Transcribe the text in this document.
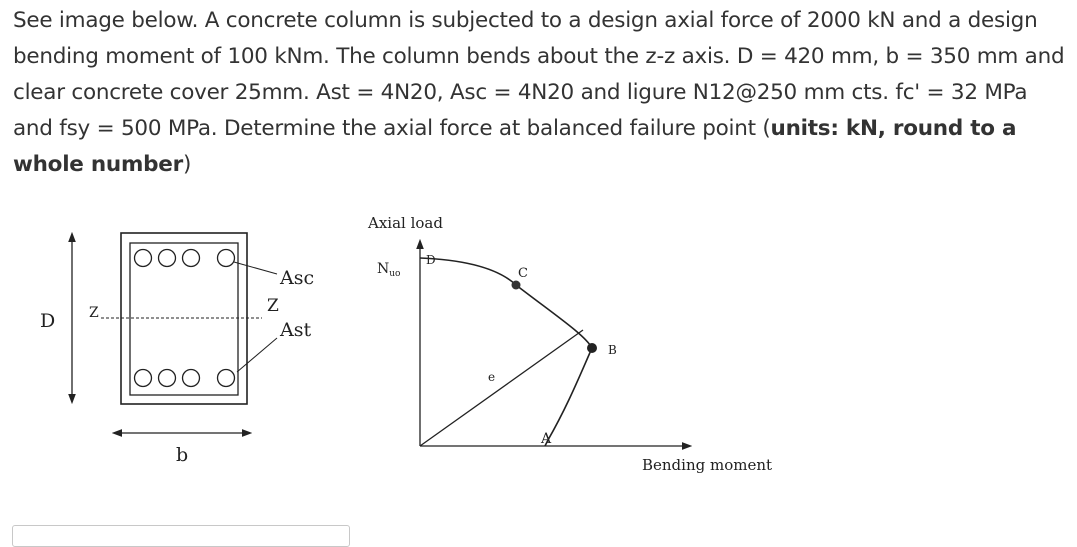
See image below. A concrete column is subjected to a design axial force of 2000 kN and a design bending moment of 100 kNm. The column bends about the z-z axis. D = 420 mm, b = 350 mm and clear concrete cover 25mm. Ast = 4N20, Asc = 4N20 and ligure N12@250 mm cts. fc' = 32 MPa and fsy = 500 MPa. Determine the axial force at balanced failure point (units: kN, round to a whole number)
D Z	Z
Asc
Ast
b
Axial load
Bending moment
$N_{uo}$
D
C
B
e
A
